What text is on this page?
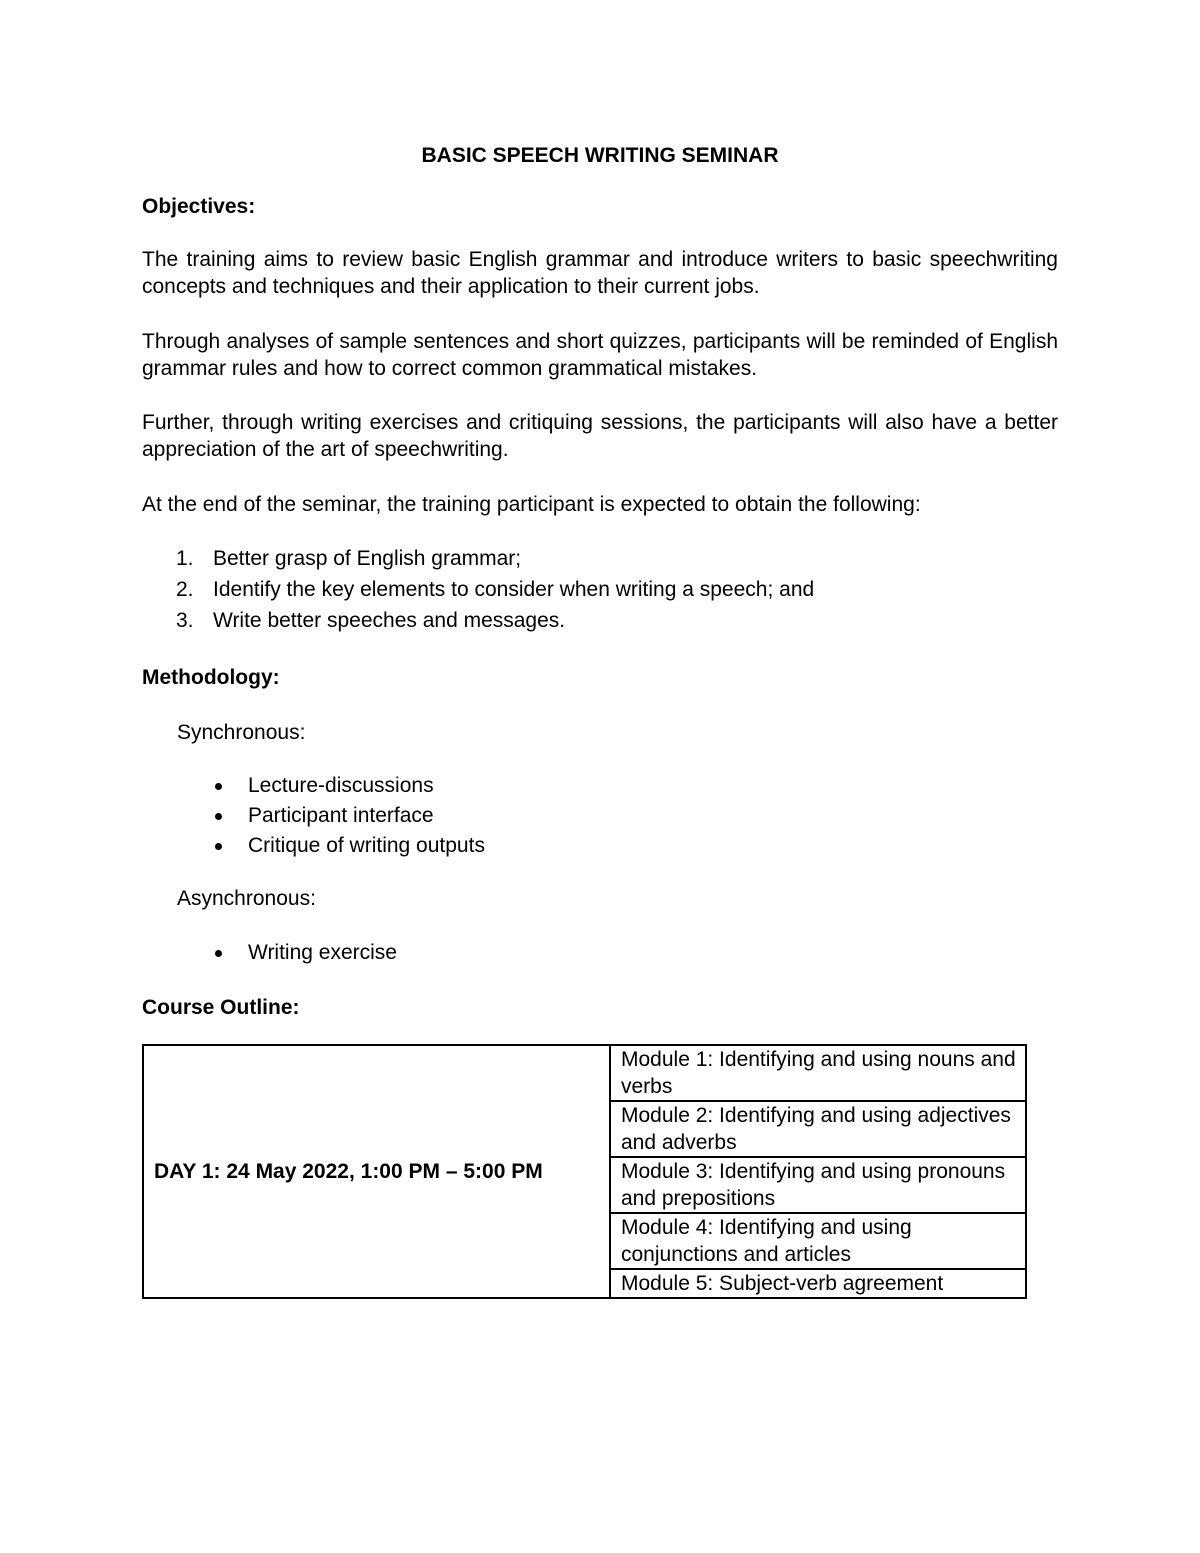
BASIC SPEECH WRITING SEMINAR

Objectives:

The training aims to review basic English grammar and introduce writers to basic speechwriting concepts and techniques and their application to their current jobs.

Through analyses of sample sentences and short quizzes, participants will be reminded of English grammar rules and how to correct common grammatical mistakes.

Further, through writing exercises and critiquing sessions, the participants will also have a better appreciation of the art of speechwriting.

At the end of the seminar, the training participant is expected to obtain the following:

1. Better grasp of English grammar;
2. Identify the key elements to consider when writing a speech; and
3. Write better speeches and messages.

Methodology:

Synchronous:

Lecture-discussions
Participant interface
Critique of writing outputs

Asynchronous:

Writing exercise

Course Outline:

DAY 1: 24 May 2022, 1:00 PM – 5:00 PM	Module 1: Identifying and using nouns and verbs
Module 2: Identifying and using adjectives and adverbs
Module 3: Identifying and using pronouns and prepositions
Module 4: Identifying and using conjunctions and articles
Module 5: Subject-verb agreement
